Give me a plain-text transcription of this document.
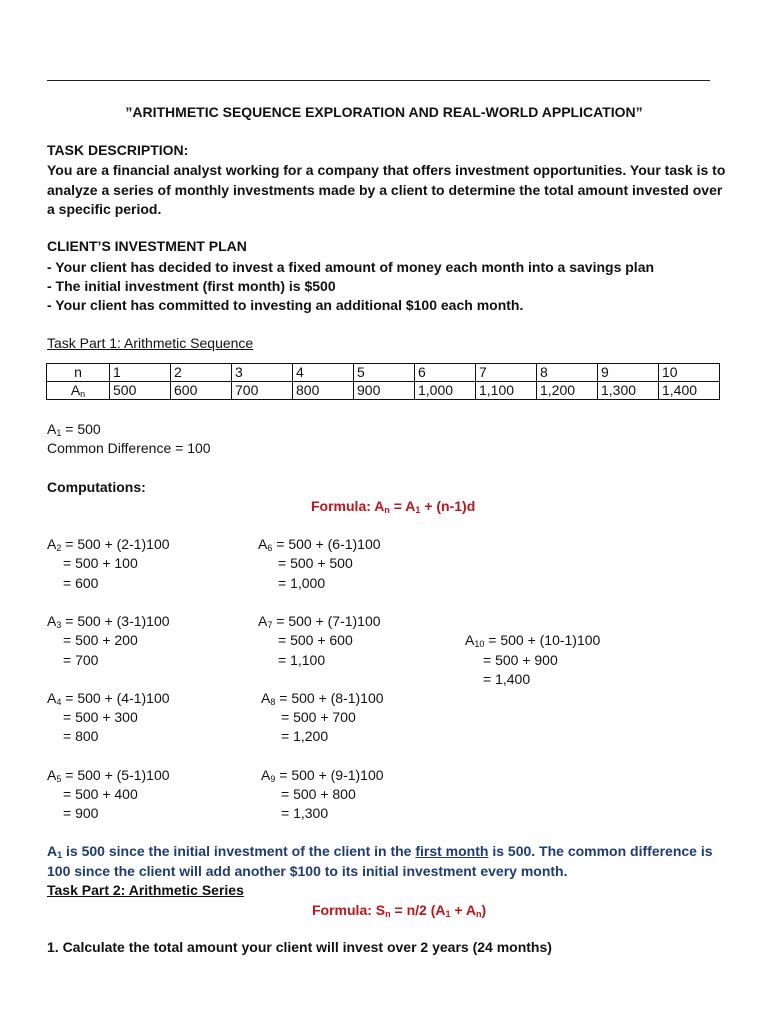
”ARITHMETIC SEQUENCE EXPLORATION AND REAL-WORLD APPLICATION”
TASK DESCRIPTION:
You are a financial analyst working for a company that offers investment opportunities. Your task is to analyze a series of monthly investments made by a client to determine the total amount invested over a specific period.
CLIENT’S INVESTMENT PLAN
- Your client has decided to invest a fixed amount of money each month into a savings plan
- The initial investment (first month) is $500
- Your client has committed to investing an additional $100 each month.
Task Part 1: Arithmetic Sequence
n	1	2	3	4	5	6	7	8	9	10
$A_n$	500	600	700	800	900	1,000	1,100	1,200	1,300	1,400
$A_1 = 500$
Common Difference = 100
Computations:
Formula: $A_n = A_1 + (n-1)d$
$A_2 = 500 + (2-1)100$
= 500 + 100
= 600
$A_3 = 500 + (3-1)100$
= 500 + 200
= 700
$A_4 = 500 + (4-1)100$
= 500 + 300
= 800
$A_5 = 500 + (5-1)100$
= 500 + 400
= 900
$A_6 = 500 + (6-1)100$
= 500 + 500
= 1,000
$A_7 = 500 + (7-1)100$
= 500 + 600
= 1,100
$A_8 = 500 + (8-1)100$
= 500 + 700
= 1,200
$A_9 = 500 + (9-1)100$
= 500 + 800
= 1,300
$A_{10} = 500 + (10-1)100$
= 500 + 900
= 1,400
$A_1$ is 500 since the initial investment of the client in the first month is 500. The common difference is 100 since the client will add another $100 to its initial investment every month.
Task Part 2: Arithmetic Series
Formula: $S_n = n/2$ $(A_1 + A_n)$
1. Calculate the total amount your client will invest over 2 years (24 months)
